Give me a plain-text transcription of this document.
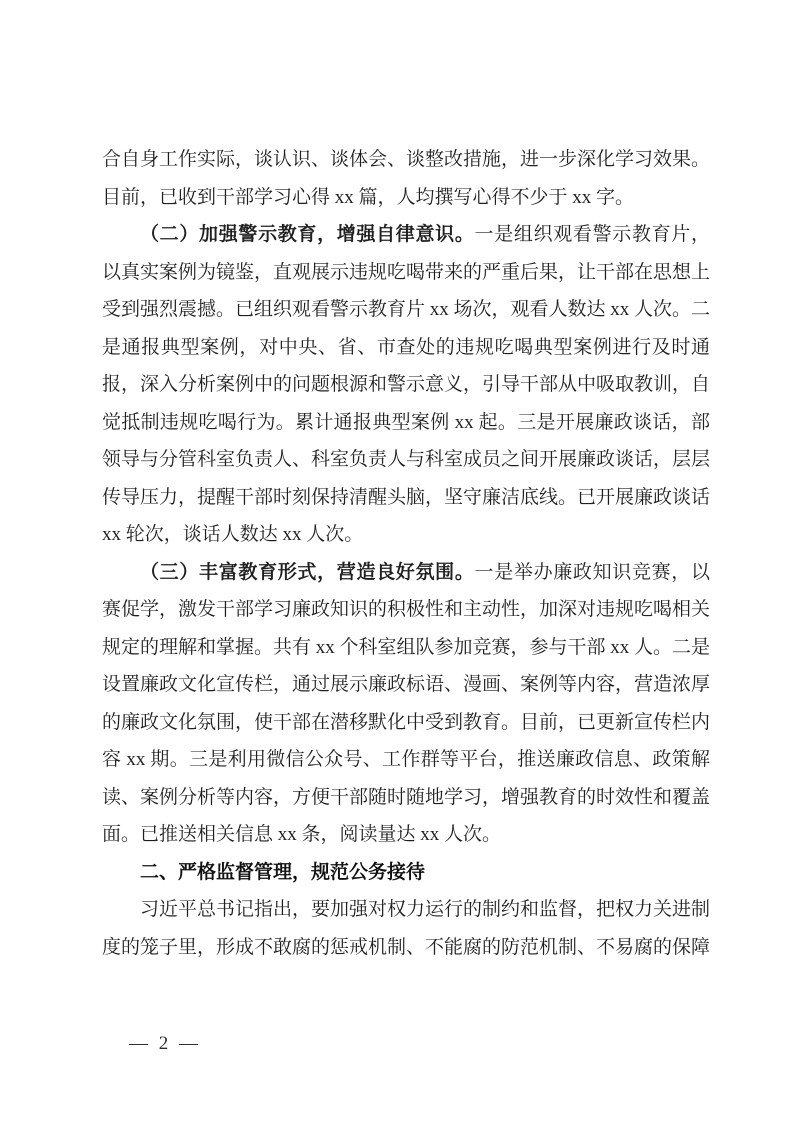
合自身工作实际，谈认识、谈体会、谈整改措施，进一步深化学习效果。目前，已收到干部学习心得 xx 篇，人均撰写心得不少于 xx 字。

（二）加强警示教育，增强自律意识。一是组织观看警示教育片，以真实案例为镜鉴，直观展示违规吃喝带来的严重后果，让干部在思想上受到强烈震撼。已组织观看警示教育片 xx 场次，观看人数达 xx 人次。二是通报典型案例，对中央、省、市查处的违规吃喝典型案例进行及时通报，深入分析案例中的问题根源和警示意义，引导干部从中吸取教训，自觉抵制违规吃喝行为。累计通报典型案例 xx 起。三是开展廉政谈话，部领导与分管科室负责人、科室负责人与科室成员之间开展廉政谈话，层层传导压力，提醒干部时刻保持清醒头脑，坚守廉洁底线。已开展廉政谈话 xx 轮次，谈话人数达 xx 人次。

（三）丰富教育形式，营造良好氛围。一是举办廉政知识竞赛，以赛促学，激发干部学习廉政知识的积极性和主动性，加深对违规吃喝相关规定的理解和掌握。共有 xx 个科室组队参加竞赛，参与干部 xx 人。二是设置廉政文化宣传栏，通过展示廉政标语、漫画、案例等内容，营造浓厚的廉政文化氛围，使干部在潜移默化中受到教育。目前，已更新宣传栏内容 xx 期。三是利用微信公众号、工作群等平台，推送廉政信息、政策解读、案例分析等内容，方便干部随时随地学习，增强教育的时效性和覆盖面。已推送相关信息 xx 条，阅读量达 xx 人次。

二、严格监督管理，规范公务接待

习近平总书记指出，要加强对权力运行的制约和监督，把权力关进制度的笼子里，形成不敢腐的惩戒机制、不能腐的防范机制、不易腐的保障

— 2 —
